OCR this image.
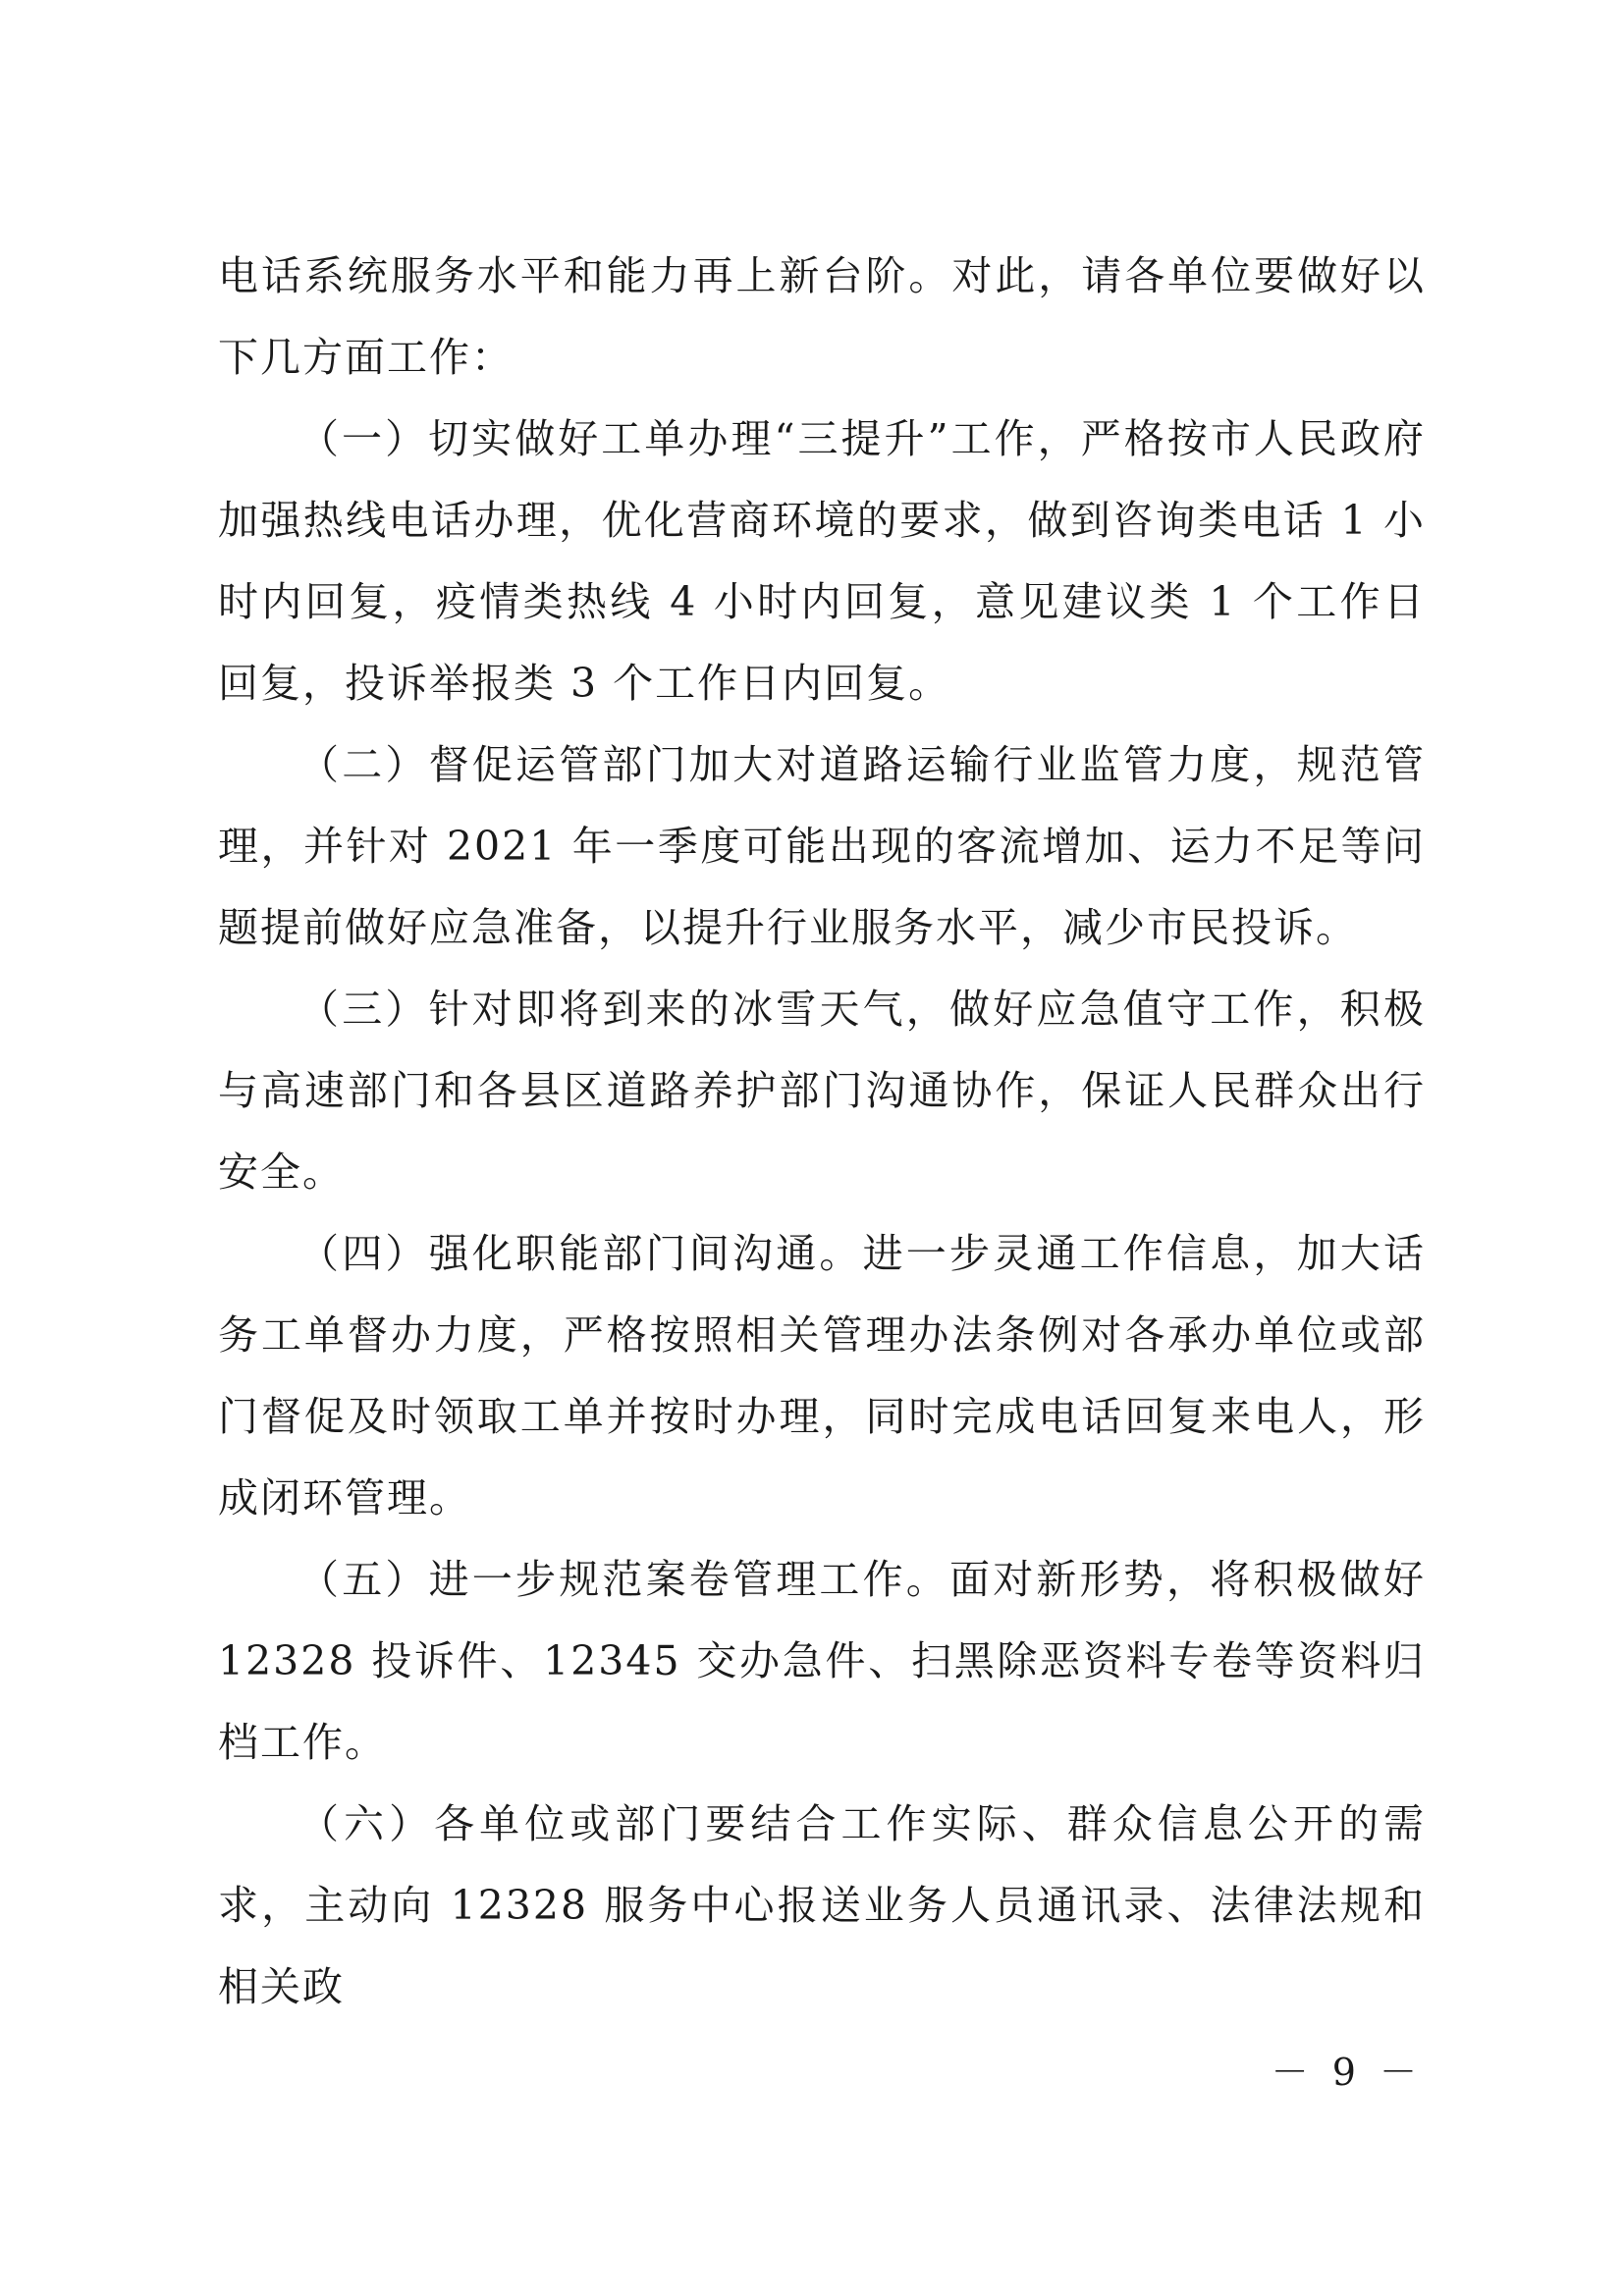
电话系统服务水平和能力再上新台阶。对此，请各单位要做好以下几方面工作：

（一）切实做好工单办理“三提升”工作，严格按市人民政府加强热线电话办理，优化营商环境的要求，做到咨询类电话 1 小时内回复，疫情类热线 4 小时内回复，意见建议类 1 个工作日回复，投诉举报类 3 个工作日内回复。

（二）督促运管部门加大对道路运输行业监管力度，规范管理，并针对 2021 年一季度可能出现的客流增加、运力不足等问题提前做好应急准备，以提升行业服务水平，减少市民投诉。

（三）针对即将到来的冰雪天气，做好应急值守工作，积极与高速部门和各县区道路养护部门沟通协作，保证人民群众出行安全。

（四）强化职能部门间沟通。进一步灵通工作信息，加大话务工单督办力度，严格按照相关管理办法条例对各承办单位或部门督促及时领取工单并按时办理，同时完成电话回复来电人，形成闭环管理。

（五）进一步规范案卷管理工作。面对新形势，将积极做好 12328 投诉件、12345 交办急件、扫黑除恶资料专卷等资料归档工作。

（六）各单位或部门要结合工作实际、群众信息公开的需求，主动向 12328 服务中心报送业务人员通讯录、法律法规和相关政

－ 9 －
